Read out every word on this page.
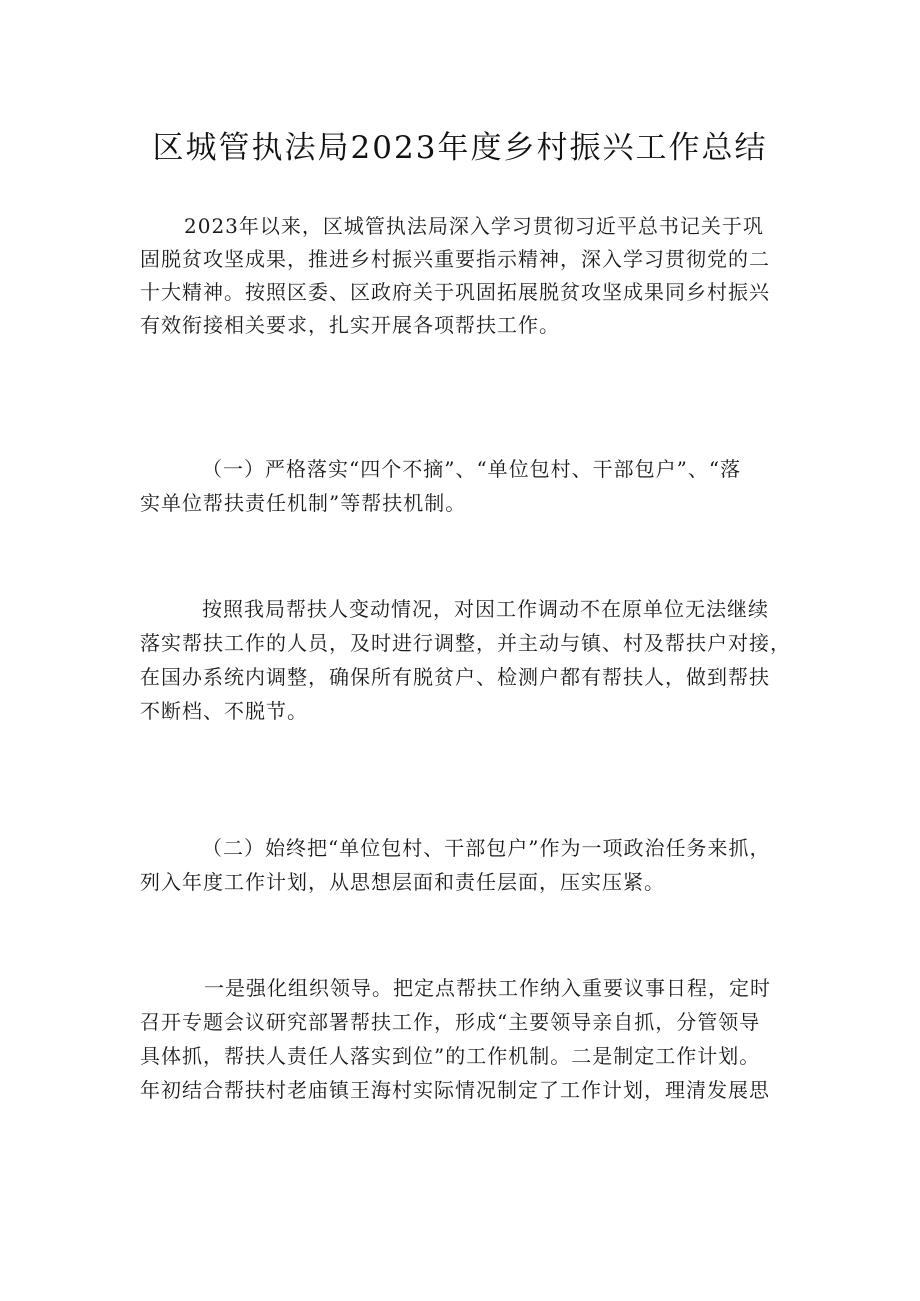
区城管执法局2023年度乡村振兴工作总结

2023年以来，区城管执法局深入学习贯彻习近平总书记关于巩
固脱贫攻坚成果，推进乡村振兴重要指示精神，深入学习贯彻党的二
十大精神。按照区委、区政府关于巩固拓展脱贫攻坚成果同乡村振兴
有效衔接相关要求，扎实开展各项帮扶工作。

（一）严格落实“四个不摘”、“单位包村、干部包户”、“落
实单位帮扶责任机制”等帮扶机制。

按照我局帮扶人变动情况，对因工作调动不在原单位无法继续
落实帮扶工作的人员，及时进行调整，并主动与镇、村及帮扶户对接，
在国办系统内调整，确保所有脱贫户、检测户都有帮扶人，做到帮扶
不断档、不脱节。

（二）始终把“单位包村、干部包户”作为一项政治任务来抓，
列入年度工作计划，从思想层面和责任层面，压实压紧。

一是强化组织领导。把定点帮扶工作纳入重要议事日程，定时
召开专题会议研究部署帮扶工作，形成“主要领导亲自抓，分管领导
具体抓，帮扶人责任人落实到位”的工作机制。二是制定工作计划。
年初结合帮扶村老庙镇王海村实际情况制定了工作计划，理清发展思
